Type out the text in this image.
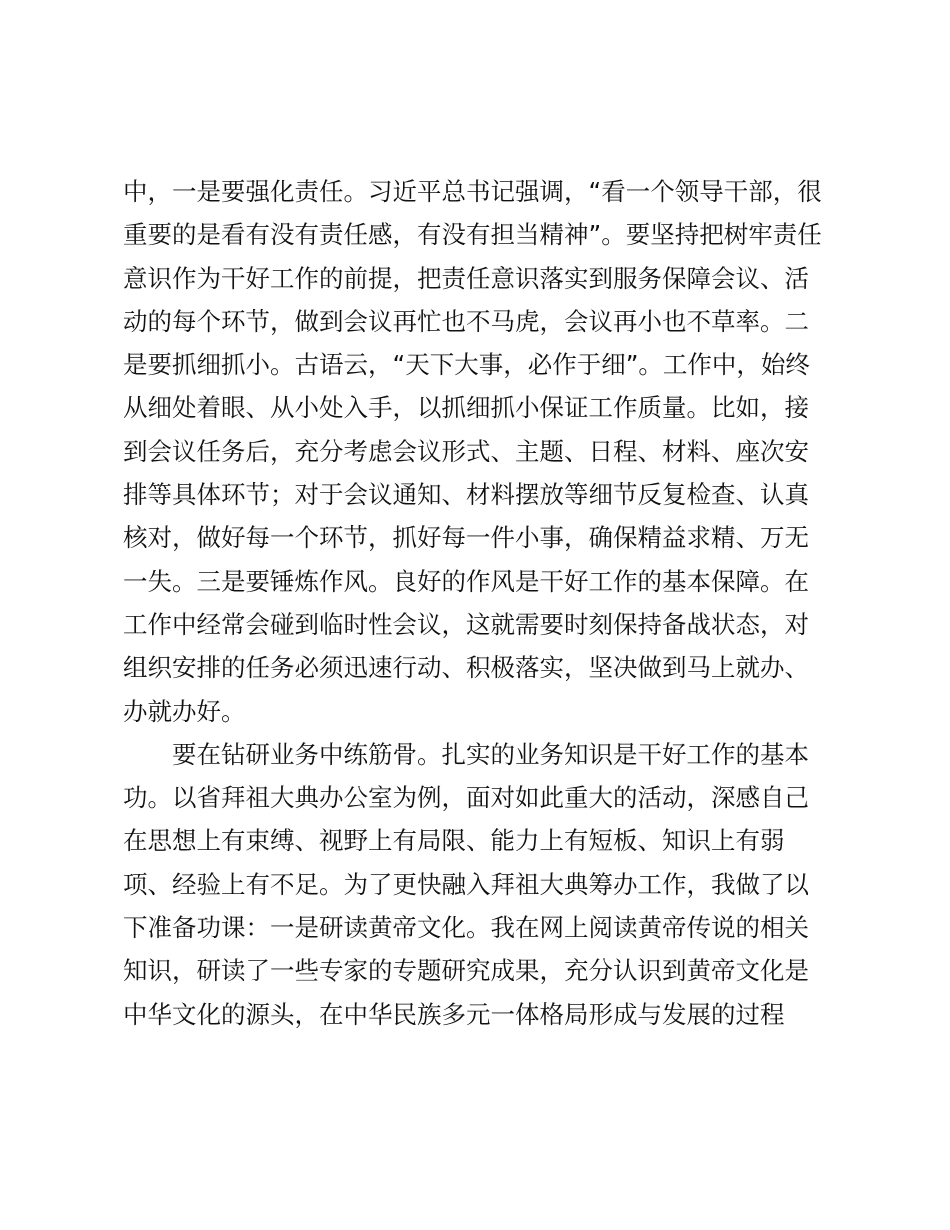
中，一是要强化责任。习近平总书记强调，“看一个领导干部，很
重要的是看有没有责任感，有没有担当精神”。要坚持把树牢责任
意识作为干好工作的前提，把责任意识落实到服务保障会议、活
动的每个环节，做到会议再忙也不马虎，会议再小也不草率。二
是要抓细抓小。古语云，“天下大事，必作于细”。工作中，始终
从细处着眼、从小处入手，以抓细抓小保证工作质量。比如，接
到会议任务后，充分考虑会议形式、主题、日程、材料、座次安
排等具体环节；对于会议通知、材料摆放等细节反复检查、认真
核对，做好每一个环节，抓好每一件小事，确保精益求精、万无
一失。三是要锤炼作风。良好的作风是干好工作的基本保障。在
工作中经常会碰到临时性会议，这就需要时刻保持备战状态，对
组织安排的任务必须迅速行动、积极落实，坚决做到马上就办、
办就办好。
要在钻研业务中练筋骨。扎实的业务知识是干好工作的基本
功。以省拜祖大典办公室为例，面对如此重大的活动，深感自己
在思想上有束缚、视野上有局限、能力上有短板、知识上有弱
项、经验上有不足。为了更快融入拜祖大典筹办工作，我做了以
下准备功课：一是研读黄帝文化。我在网上阅读黄帝传说的相关
知识，研读了一些专家的专题研究成果，充分认识到黄帝文化是
中华文化的源头，在中华民族多元一体格局形成与发展的过程
